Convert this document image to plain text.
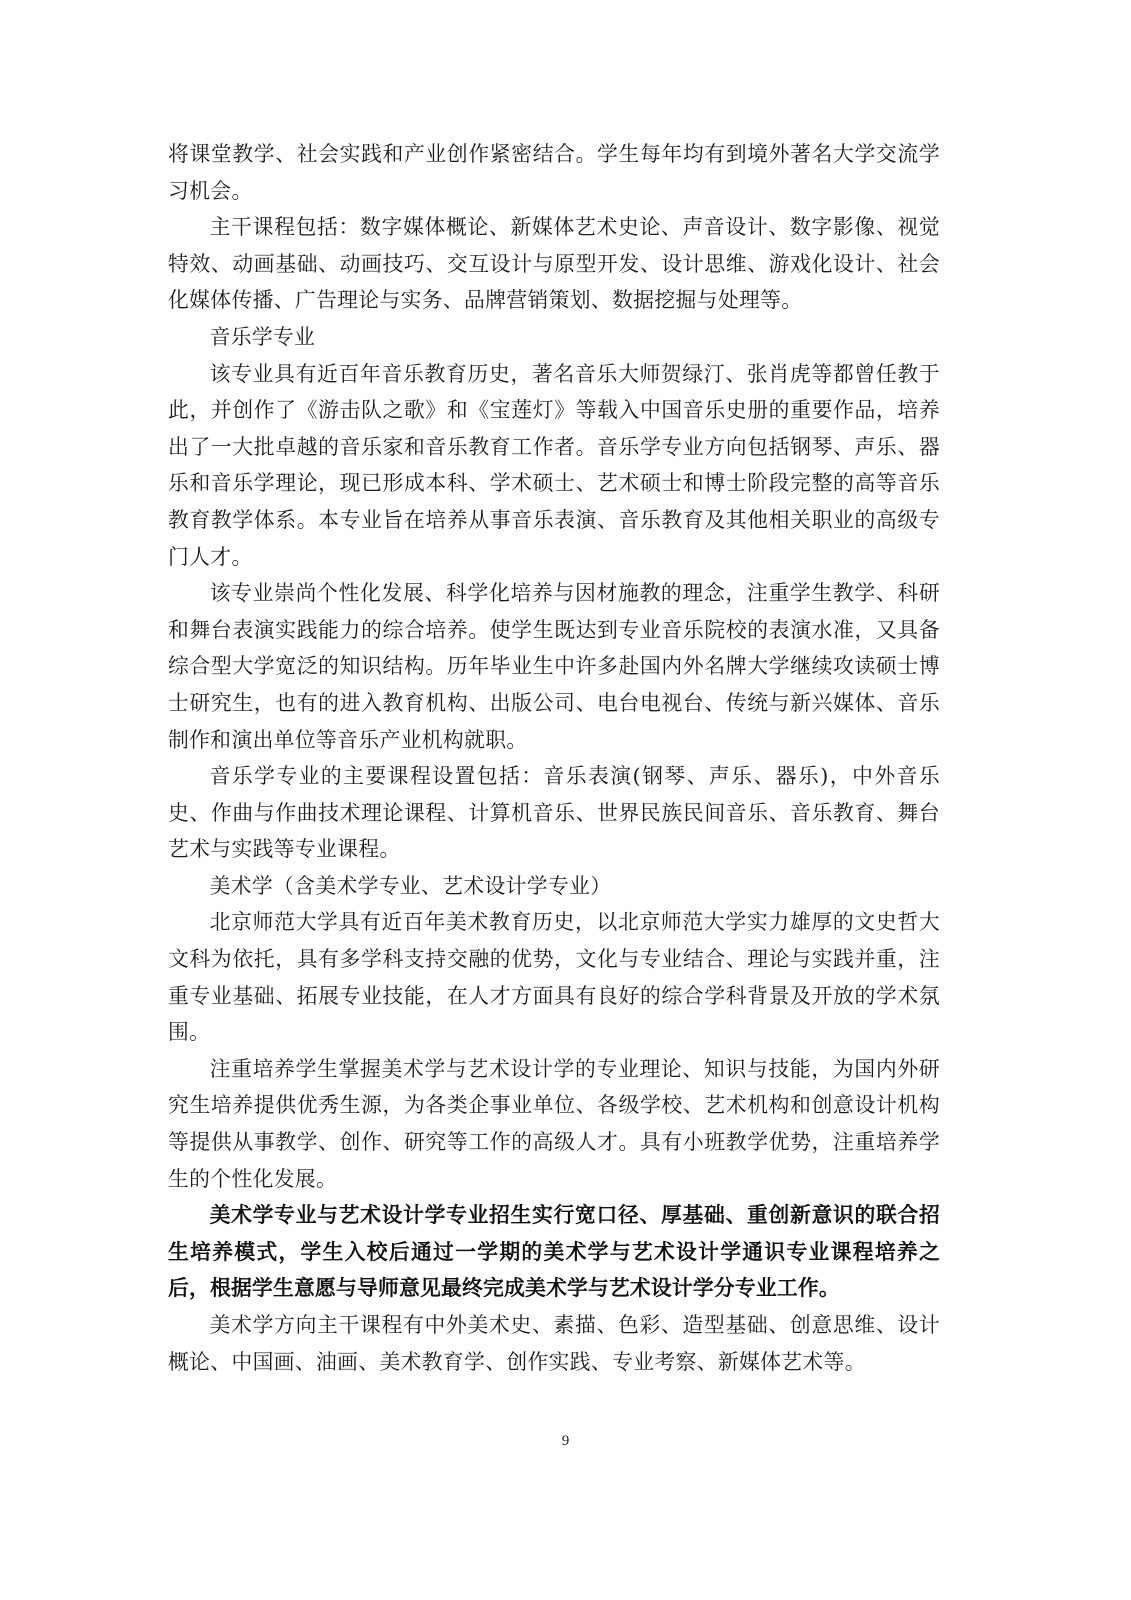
将课堂教学、社会实践和产业创作紧密结合。学生每年均有到境外著名大学交流学习机会。

主干课程包括：数字媒体概论、新媒体艺术史论、声音设计、数字影像、视觉特效、动画基础、动画技巧、交互设计与原型开发、设计思维、游戏化设计、社会化媒体传播、广告理论与实务、品牌营销策划、数据挖掘与处理等。

音乐学专业

该专业具有近百年音乐教育历史，著名音乐大师贺绿汀、张肖虎等都曾任教于此，并创作了《游击队之歌》和《宝莲灯》等载入中国音乐史册的重要作品，培养出了一大批卓越的音乐家和音乐教育工作者。音乐学专业方向包括钢琴、声乐、器乐和音乐学理论，现已形成本科、学术硕士、艺术硕士和博士阶段完整的高等音乐教育教学体系。本专业旨在培养从事音乐表演、音乐教育及其他相关职业的高级专门人才。

该专业崇尚个性化发展、科学化培养与因材施教的理念，注重学生教学、科研和舞台表演实践能力的综合培养。使学生既达到专业音乐院校的表演水准，又具备综合型大学宽泛的知识结构。历年毕业生中许多赴国内外名牌大学继续攻读硕士博士研究生，也有的进入教育机构、出版公司、电台电视台、传统与新兴媒体、音乐制作和演出单位等音乐产业机构就职。

音乐学专业的主要课程设置包括：音乐表演(钢琴、声乐、器乐)，中外音乐史、作曲与作曲技术理论课程、计算机音乐、世界民族民间音乐、音乐教育、舞台艺术与实践等专业课程。

美术学（含美术学专业、艺术设计学专业）

北京师范大学具有近百年美术教育历史，以北京师范大学实力雄厚的文史哲大文科为依托，具有多学科支持交融的优势，文化与专业结合、理论与实践并重，注重专业基础、拓展专业技能，在人才方面具有良好的综合学科背景及开放的学术氛围。

注重培养学生掌握美术学与艺术设计学的专业理论、知识与技能，为国内外研究生培养提供优秀生源，为各类企事业单位、各级学校、艺术机构和创意设计机构等提供从事教学、创作、研究等工作的高级人才。具有小班教学优势，注重培养学生的个性化发展。

美术学专业与艺术设计学专业招生实行宽口径、厚基础、重创新意识的联合招生培养模式，学生入校后通过一学期的美术学与艺术设计学通识专业课程培养之后，根据学生意愿与导师意见最终完成美术学与艺术设计学分专业工作。

美术学方向主干课程有中外美术史、素描、色彩、造型基础、创意思维、设计概论、中国画、油画、美术教育学、创作实践、专业考察、新媒体艺术等。

9
